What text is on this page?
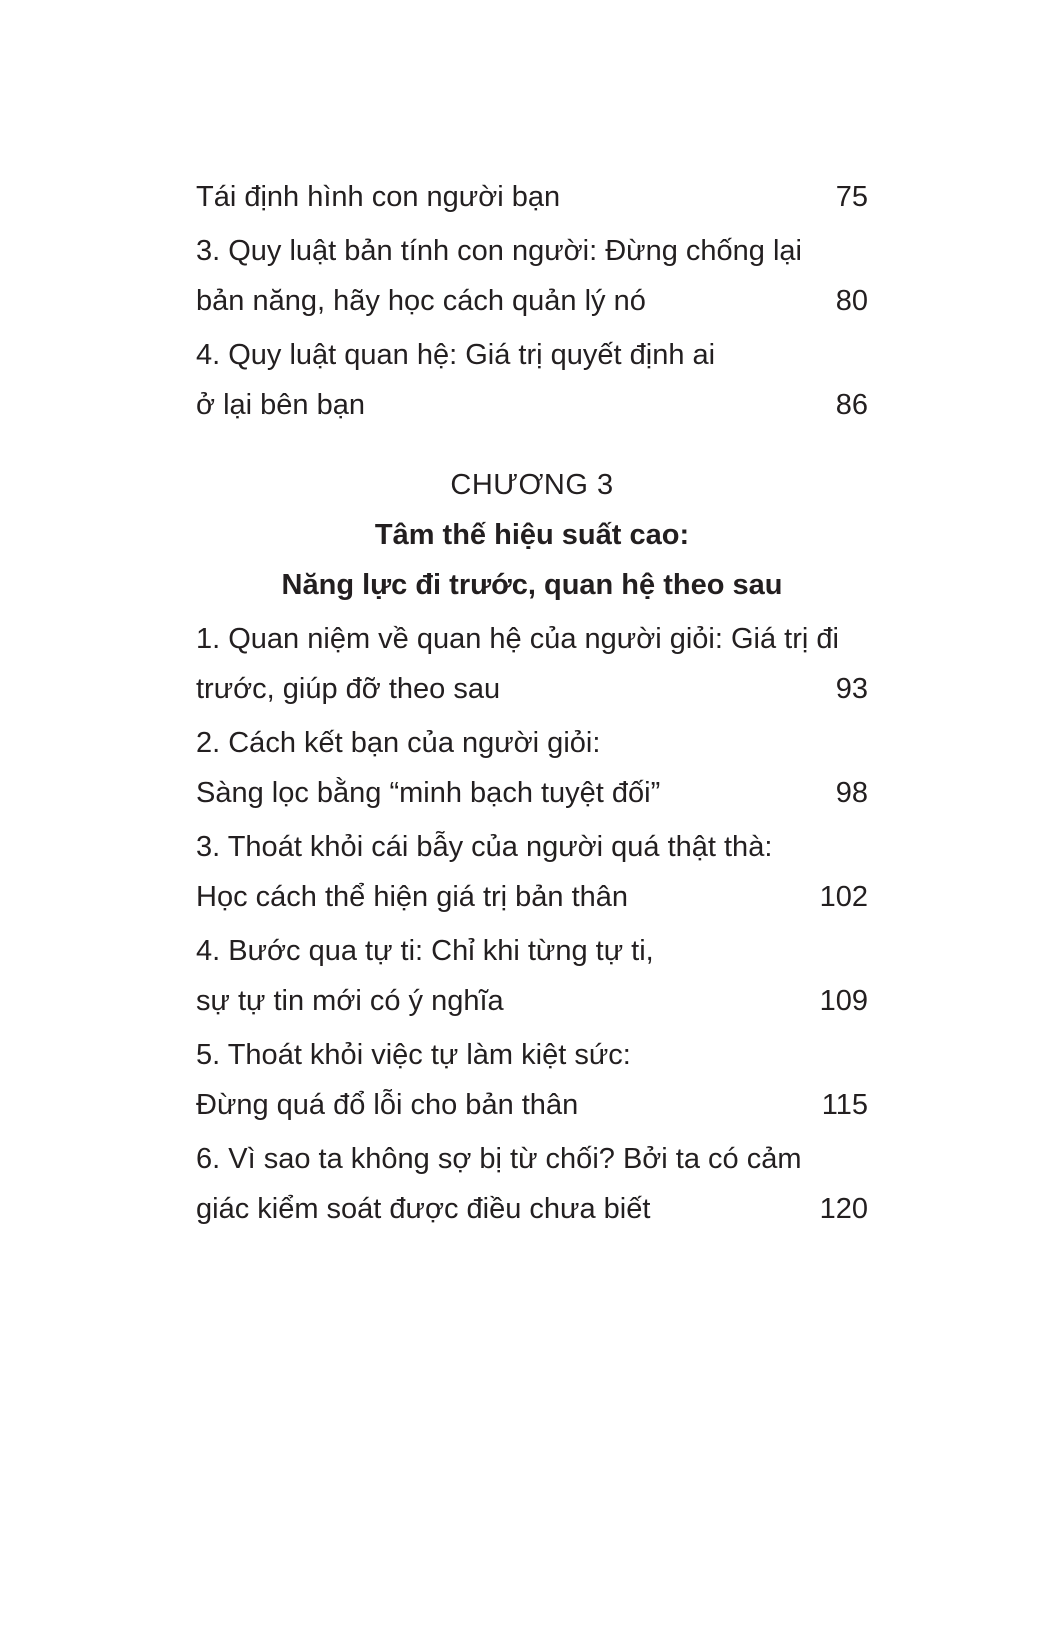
Tái định hình con người bạn	75
3. Quy luật bản tính con người: Đừng chống lại
bản năng, hãy học cách quản lý nó	80
4. Quy luật quan hệ: Giá trị quyết định ai
ở lại bên bạn	86
CHƯƠNG 3
Tâm thế hiệu suất cao:
Năng lực đi trước, quan hệ theo sau
1. Quan niệm về quan hệ của người giỏi: Giá trị đi
trước, giúp đỡ theo sau	93
2. Cách kết bạn của người giỏi:
Sàng lọc bằng “minh bạch tuyệt đối”	98
3. Thoát khỏi cái bẫy của người quá thật thà:
Học cách thể hiện giá trị bản thân	102
4. Bước qua tự ti: Chỉ khi từng tự ti,
sự tự tin mới có ý nghĩa	109
5. Thoát khỏi việc tự làm kiệt sức:
Đừng quá đổ lỗi cho bản thân	115
6. Vì sao ta không sợ bị từ chối? Bởi ta có cảm
giác kiểm soát được điều chưa biết	120
